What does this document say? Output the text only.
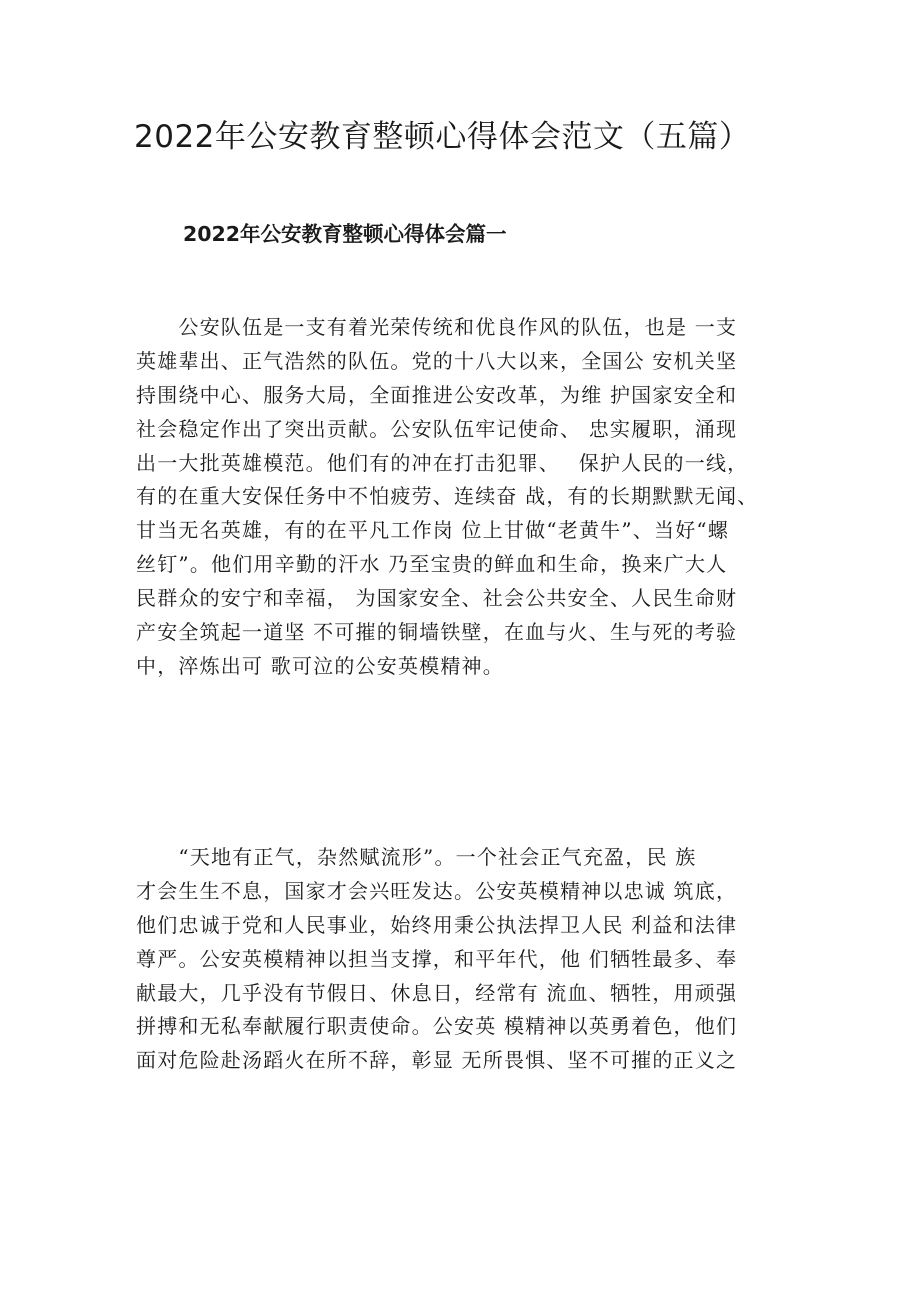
2022年公安教育整顿心得体会范文（五篇）
2022年公安教育整顿心得体会篇一
　　公安队伍是一支有着光荣传统和优良作风的队伍，也是 一支
英雄辈出、正气浩然的队伍。党的十八大以来，全国公 安机关坚
持围绕中心、服务大局，全面推进公安改革，为维 护国家安全和
社会稳定作出了突出贡献。公安队伍牢记使命、 忠实履职，涌现
出一大批英雄模范。他们有的冲在打击犯罪、　 保护人民的一线，
有的在重大安保任务中不怕疲劳、连续奋 战，有的长期默默无闻、
甘当无名英雄，有的在平凡工作岗 位上甘做“老黄牛”、当好“螺
丝钉”。他们用辛勤的汗水 乃至宝贵的鲜血和生命，换来广大人
民群众的安宁和幸福， 为国家安全、社会公共安全、人民生命财
产安全筑起一道坚 不可摧的铜墙铁壁，在血与火、生与死的考验
中，淬炼出可 歌可泣的公安英模精神。
　　“天地有正气，杂然赋流形”。一个社会正气充盈，民 族
才会生生不息，国家才会兴旺发达。公安英模精神以忠诚 筑底，
他们忠诚于党和人民事业，始终用秉公执法捍卫人民 利益和法律
尊严。公安英模精神以担当支撑，和平年代，他 们牺牲最多、奉
献最大，几乎没有节假日、休息日，经常有 流血、牺牲，用顽强
拼搏和无私奉献履行职责使命。公安英 模精神以英勇着色，他们
面对危险赴汤蹈火在所不辞，彰显 无所畏惧、坚不可摧的正义之
